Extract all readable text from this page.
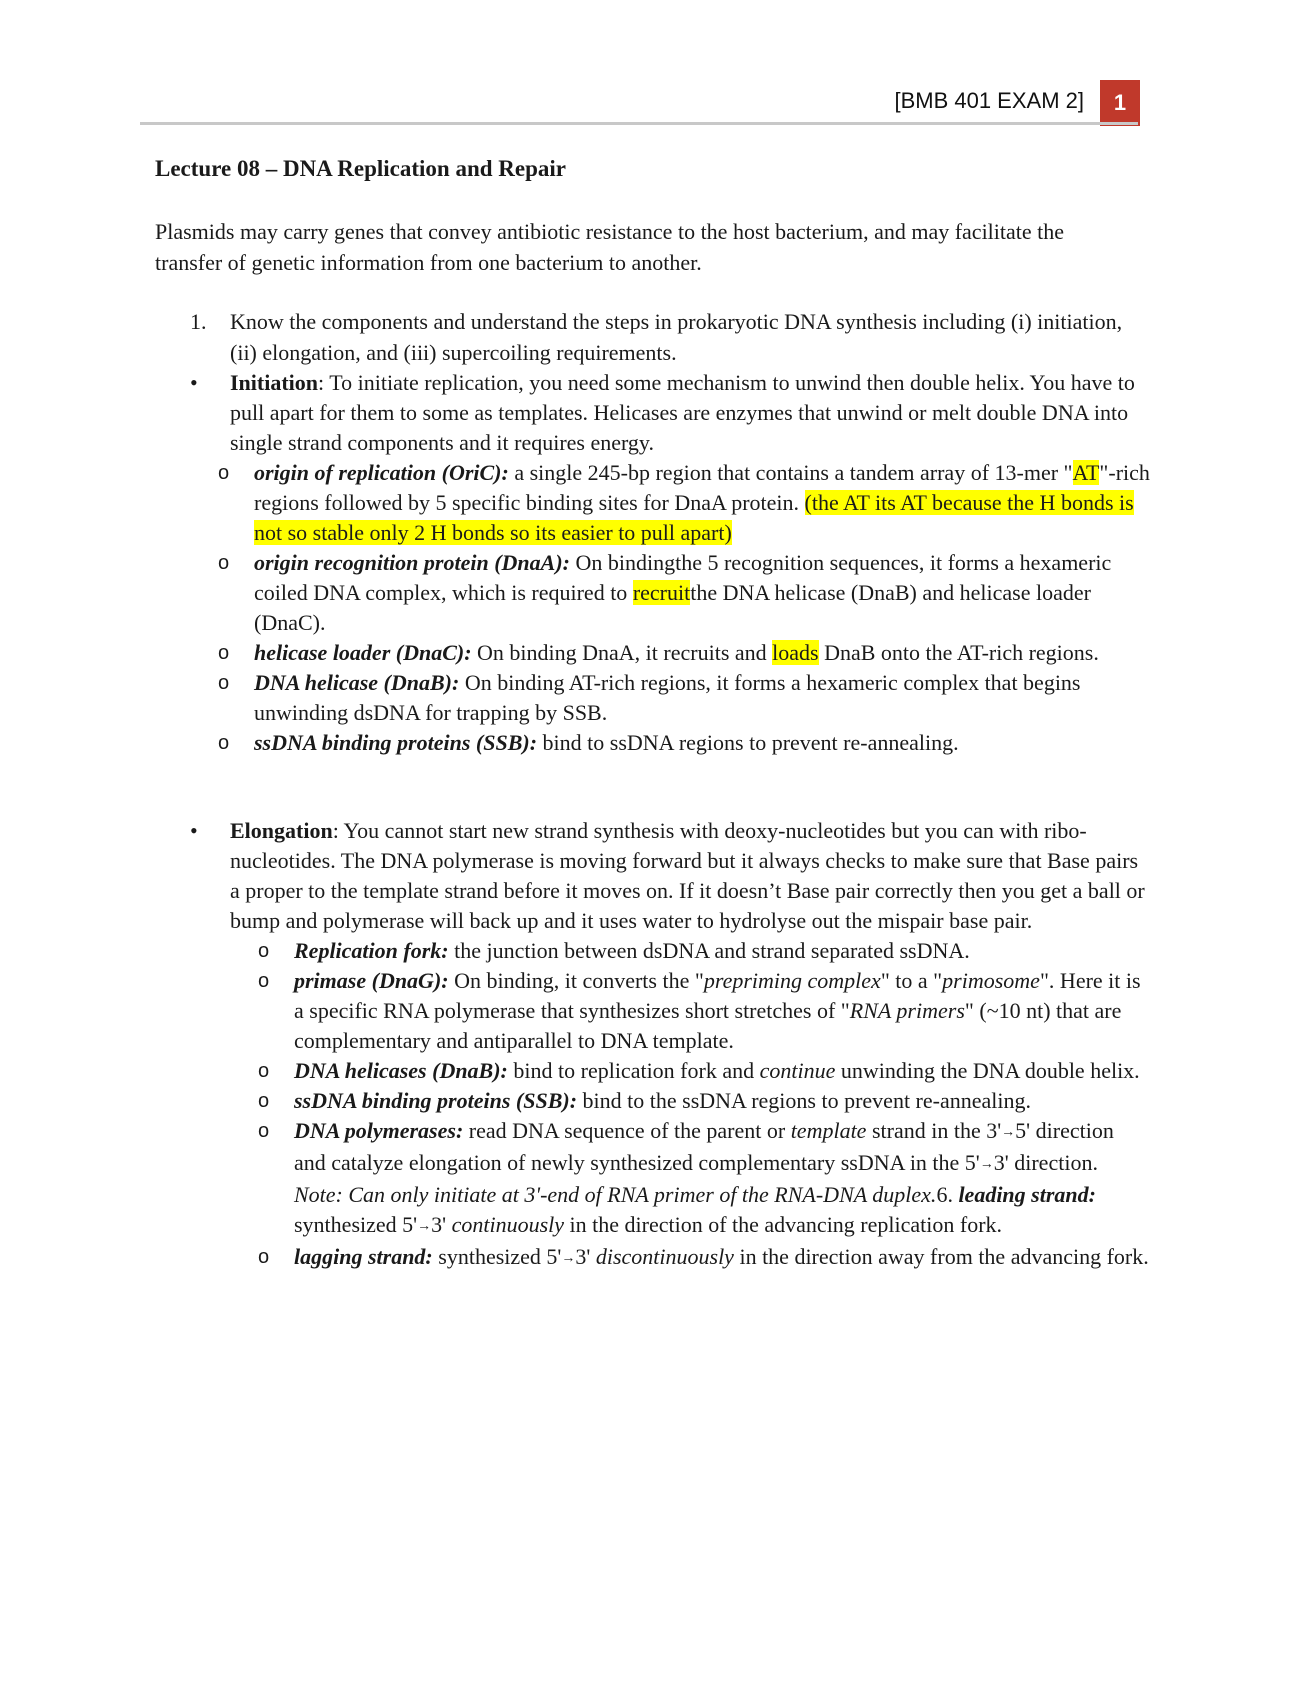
[BMB 401 EXAM 2]	1
Lecture 08 – DNA Replication and Repair
Plasmids may carry genes that convey antibiotic resistance to the host bacterium, and may facilitate the transfer of genetic information from one bacterium to another.
1. Know the components and understand the steps in prokaryotic DNA synthesis including (i) initiation, (ii) elongation, and (iii) supercoiling requirements.
• Initiation: To initiate replication, you need some mechanism to unwind then double helix. You have to pull apart for them to some as templates. Helicases are enzymes that unwind or melt double DNA into single strand components and it requires energy.
o origin of replication (OriC): a single 245-bp region that contains a tandem array of 13-mer "AT"-rich regions followed by 5 specific binding sites for DnaA protein. (the AT its AT because the H bonds is not so stable only 2 H bonds so its easier to pull apart)
o origin recognition protein (DnaA): On bindingthe 5 recognition sequences, it forms a hexameric coiled DNA complex, which is required to recruitthe DNA helicase (DnaB) and helicase loader (DnaC).
o helicase loader (DnaC): On binding DnaA, it recruits and loads DnaB onto the AT-rich regions.
o DNA helicase (DnaB): On binding AT-rich regions, it forms a hexameric complex that begins unwinding dsDNA for trapping by SSB.
o ssDNA binding proteins (SSB): bind to ssDNA regions to prevent re-annealing.
• Elongation: You cannot start new strand synthesis with deoxy-nucleotides but you can with ribo-nucleotides. The DNA polymerase is moving forward but it always checks to make sure that Base pairs a proper to the template strand before it moves on. If it doesn’t Base pair correctly then you get a ball or bump and polymerase will back up and it uses water to hydrolyse out the mispair base pair.
o Replication fork: the junction between dsDNA and strand separated ssDNA.
o primase (DnaG): On binding, it converts the "prepriming complex" to a "primosome". Here it is a specific RNA polymerase that synthesizes short stretches of "RNA primers" (~10 nt) that are complementary and antiparallel to DNA template.
o DNA helicases (DnaB): bind to replication fork and continue unwinding the DNA double helix.
o ssDNA binding proteins (SSB): bind to the ssDNA regions to prevent re-annealing.
o DNA polymerases: read DNA sequence of the parent or template strand in the 3'→5' direction and catalyze elongation of newly synthesized complementary ssDNA in the 5'→3' direction. Note: Can only initiate at 3'-end of RNA primer of the RNA-DNA duplex.6. leading strand: synthesized 5'→3' continuously in the direction of the advancing replication fork.
o lagging strand: synthesized 5'→3' discontinuously in the direction away from the advancing fork.
